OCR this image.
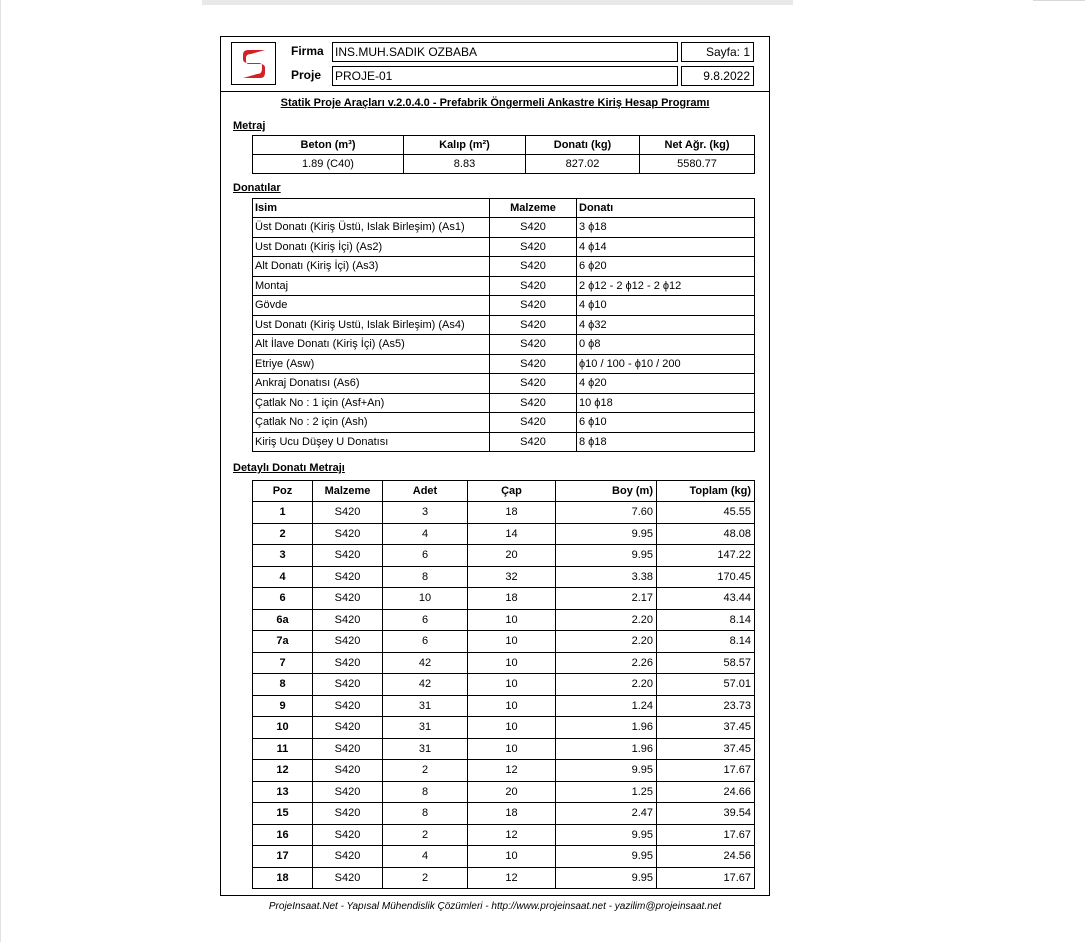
Firma INS.MUH.SADIK OZBABA	Sayfa: 1
Proje PROJE-01	9.8.2022
Statik Proje Araçları v.2.0.4.0 - Prefabrik Öngermeli Ankastre Kiriş Hesap Programı
Metraj
Beton (m³)	Kalıp (m²)	Donatı (kg)	Net Ağr. (kg)
1.89 (C40)	8.83	827.02	5580.77
Donatılar
Isim	Malzeme	Donatı
Üst Donatı (Kiriş Üstü, Islak Birleşim) (As1)	S420	3 ϕ18
Ust Donatı (Kiriş İçi) (As2)	S420	4 ϕ14
Alt Donatı (Kiriş İçi) (As3)	S420	6 ϕ20
Montaj	S420	2 ϕ12 - 2 ϕ12 - 2 ϕ12
Gövde	S420	4 ϕ10
Ust Donatı (Kiriş Ustü, Islak Birleşim) (As4)	S420	4 ϕ32
Alt İlave Donatı (Kiriş İçi) (As5)	S420	0 ϕ8
Etriye (Asw)	S420	ϕ10 / 100 - ϕ10 / 200
Ankraj Donatısı (As6)	S420	4 ϕ20
Çatlak No : 1 için (Asf+An)	S420	10 ϕ18
Çatlak No : 2 için (Ash)	S420	6 ϕ10
Kiriş Ucu Düşey U Donatısı	S420	8 ϕ18
Detaylı Donatı Metrajı
Poz	Malzeme	Adet	Çap	Boy (m)	Toplam (kg)
1	S420	3	18	7.60	45.55
2	S420	4	14	9.95	48.08
3	S420	6	20	9.95	147.22
4	S420	8	32	3.38	170.45
6	S420	10	18	2.17	43.44
6a	S420	6	10	2.20	8.14
7a	S420	6	10	2.20	8.14
7	S420	42	10	2.26	58.57
8	S420	42	10	2.20	57.01
9	S420	31	10	1.24	23.73
10	S420	31	10	1.96	37.45
11	S420	31	10	1.96	37.45
12	S420	2	12	9.95	17.67
13	S420	8	20	1.25	24.66
15	S420	8	18	2.47	39.54
16	S420	2	12	9.95	17.67
17	S420	4	10	9.95	24.56
18	S420	2	12	9.95	17.67
ProjeInsaat.Net - Yapısal Mühendislik Çözümleri - http://www.projeinsaat.net - yazilim@projeinsaat.net
